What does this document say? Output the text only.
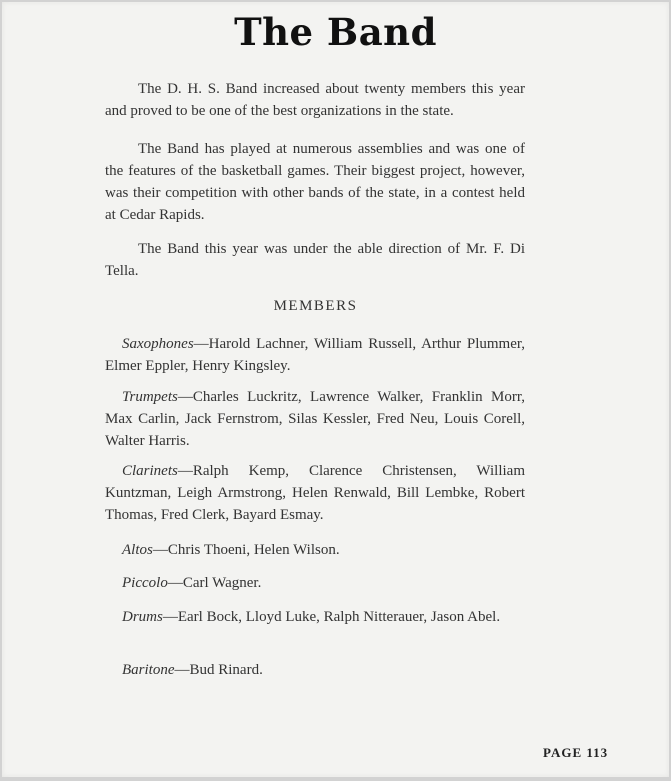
The Band

The D. H. S. Band increased about twenty members this year and proved to be one of the best organizations in the state.

The Band has played at numerous assemblies and was one of the features of the basketball games. Their biggest project, however, was their competition with other bands of the state, in a contest held at Cedar Rapids.

The Band this year was under the able direction of Mr. F. Di Tella.

MEMBERS
Saxophones—Harold Lachner, William Russell, Arthur Plummer, Elmer Eppler, Henry Kingsley.
Trumpets—Charles Luckritz, Lawrence Walker, Franklin Morr, Max Carlin, Jack Fernstrom, Silas Kessler, Fred Neu, Louis Corell, Walter Harris.
Clarinets—Ralph Kemp, Clarence Christensen, William Kuntzman, Leigh Armstrong, Helen Renwald, Bill Lembke, Robert Thomas, Fred Clerk, Bayard Esmay.
Altos—Chris Thoeni, Helen Wilson.
Piccolo—Carl Wagner.
Drums—Earl Bock, Lloyd Luke, Ralph Nitterauer, Jason Abel.
Baritone—Bud Rinard.
PAGE 113
